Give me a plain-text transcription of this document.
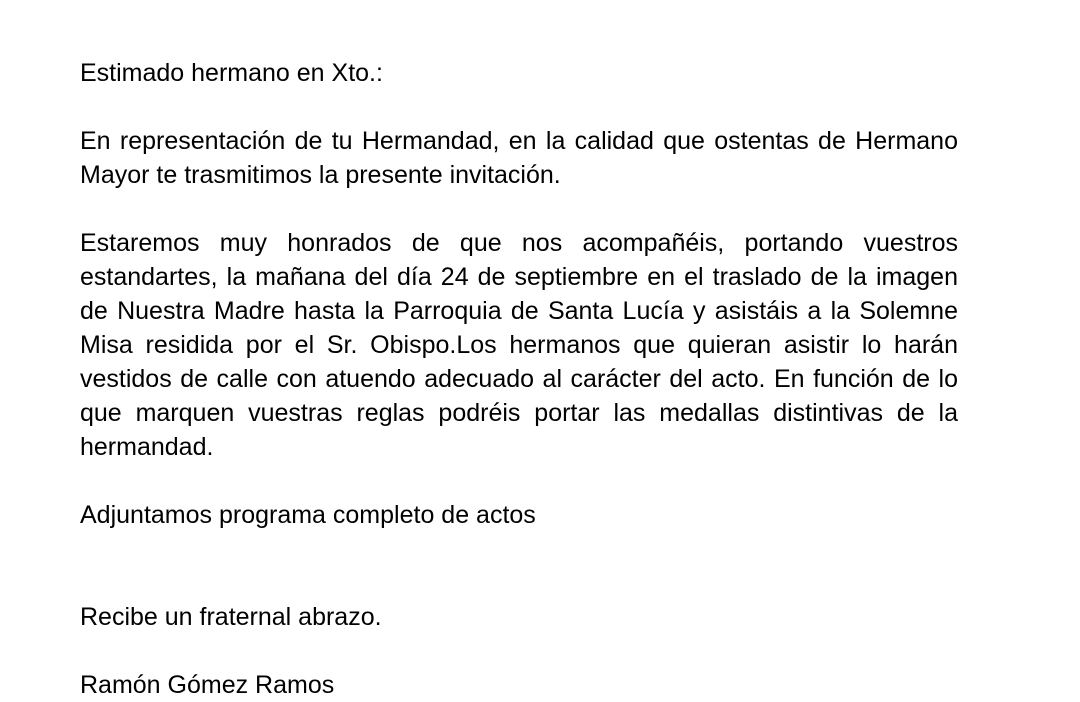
Estimado hermano en Xto.:

En representación de tu Hermandad, en la calidad que ostentas de Hermano Mayor te trasmitimos la presente invitación.

Estaremos muy honrados de que nos acompañéis, portando vuestros estandartes, la mañana del día 24 de septiembre en el traslado de la imagen de Nuestra Madre hasta la Parroquia de Santa Lucía y asistáis a la Solemne Misa residida por el Sr. Obispo.Los hermanos que quieran asistir lo harán vestidos de calle con atuendo adecuado al carácter del acto. En función de lo que marquen vuestras reglas podréis portar las medallas distintivas de la hermandad.

Adjuntamos programa completo de actos

Recibe un fraternal abrazo.

Ramón Gómez Ramos
